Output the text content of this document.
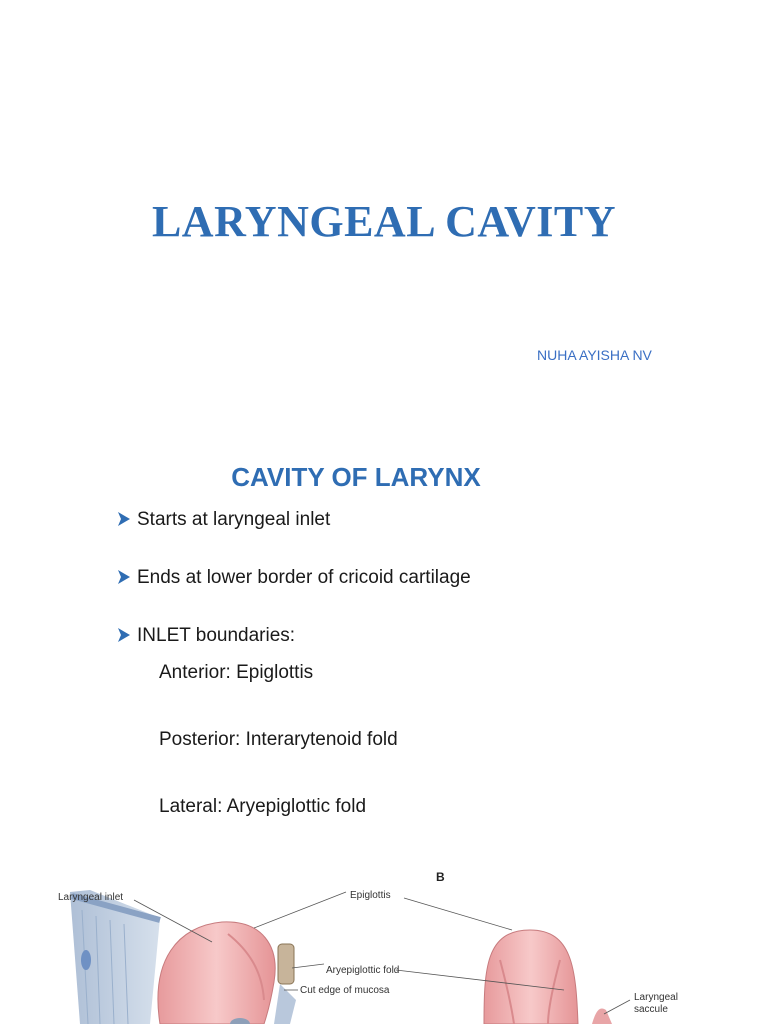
LARYNGEAL CAVITY

NUHA AYISHA NV

CAVITY OF LARYNX
Starts at laryngeal inlet
Ends at lower border of cricoid cartilage
INLET boundaries:
Anterior: Epiglottis
Posterior: Interarytenoid fold
Lateral: Aryepiglottic fold
Laryngeal inlet	Epiglottis
Aryepiglottic fold
Cut edge of mucosa
Laryngeal
saccule
B
